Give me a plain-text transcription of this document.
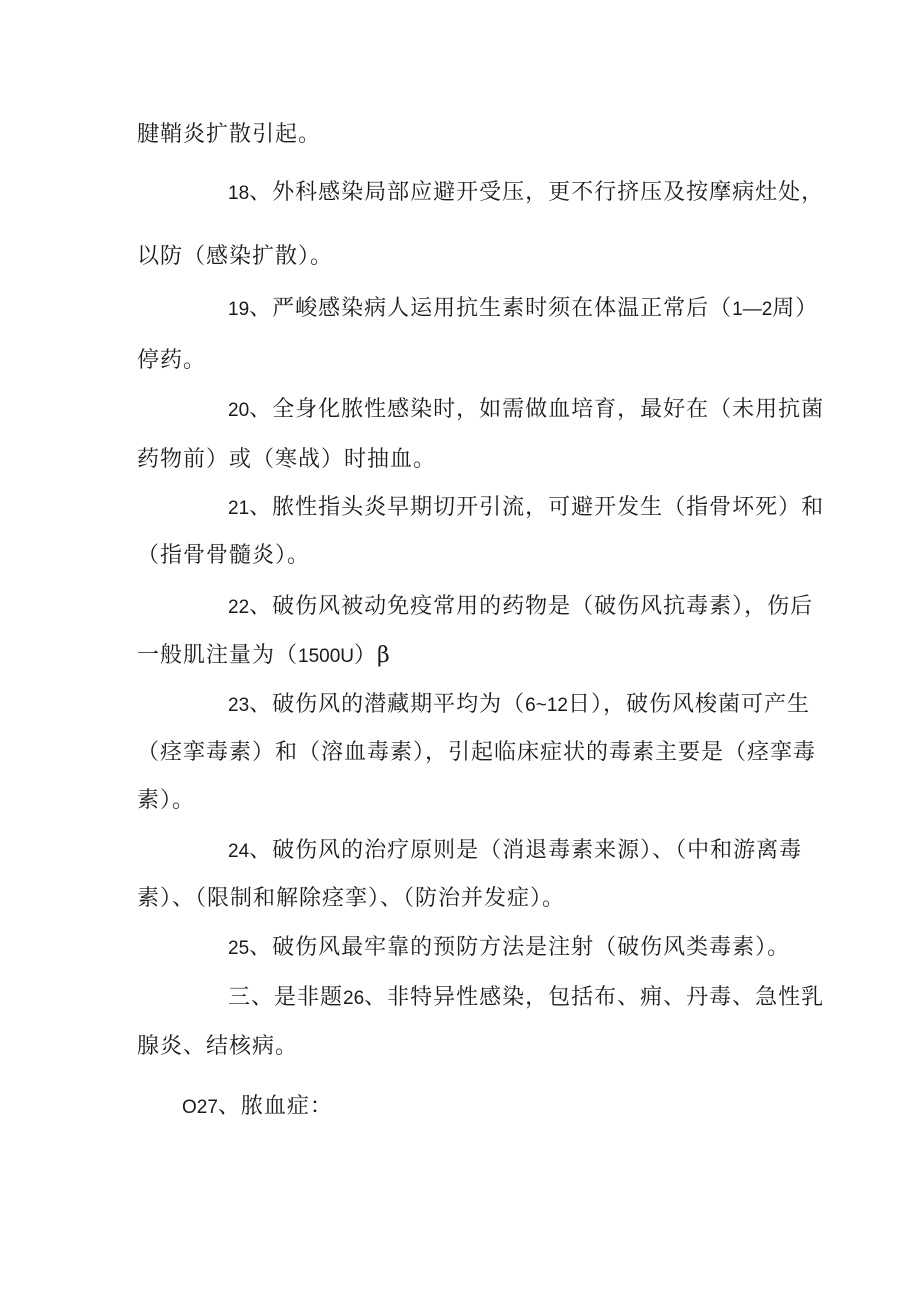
腱鞘炎扩散引起。
18、外科感染局部应避开受压，更不行挤压及按摩病灶处，
以防（感染扩散）。
19、严峻感染病人运用抗生素时须在体温正常后（1—2周）
停药。
20、全身化脓性感染时，如需做血培育，最好在（未用抗菌
药物前）或（寒战）时抽血。
21、脓性指头炎早期切开引流，可避开发生（指骨坏死）和
（指骨骨髓炎）。
22、破伤风被动免疫常用的药物是（破伤风抗毒素），伤后
一般肌注量为（1500U）β
23、破伤风的潜藏期平均为（6~12日），破伤风梭菌可产生
（痉挛毒素）和（溶血毒素），引起临床症状的毒素主要是（痉挛毒
素）。
24、破伤风的治疗原则是（消退毒素来源）、（中和游离毒
素）、（限制和解除痉挛）、（防治并发症）。
25、破伤风最牢靠的预防方法是注射（破伤风类毒素）。
三、是非题26、非特异性感染，包括布、痈、丹毒、急性乳
腺炎、结核病。
O27、脓血症：
